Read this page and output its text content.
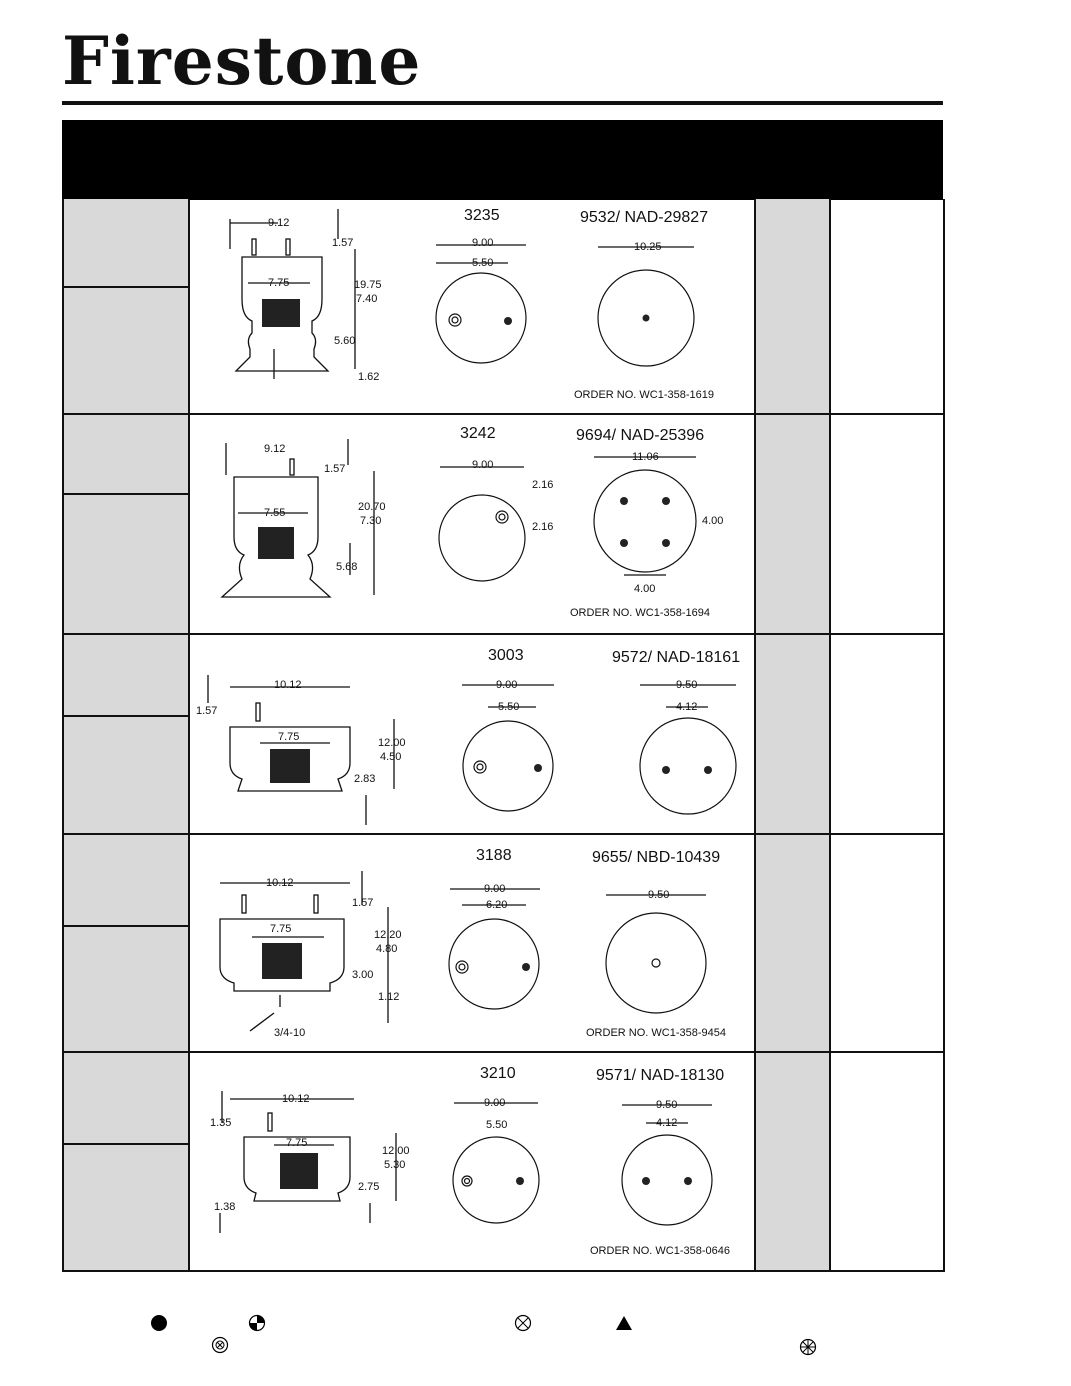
Firestone
9.12
1.57
7.75	19.75
7.40
5.60
1.62
3235	9532/ NAD-29827
9.00
5.50
10.25
ORDER NO. WC1-358-1619
9.12
1.57
7.55	20.70
7.30
5.68
3242	9694/ NAD-25396
9.00
2.16
2.16
11.06
4.00
4.00
ORDER NO. WC1-358-1694
10.12
1.57
7.75	12.00
4.50
2.83
3003	9572/ NAD-18161
9.00
5.50
9.50
4.12
10.12
1.57
7.75	12.20
4.80
3.00
1.12
3/4-10
3188	9655/ NBD-10439
9.00
6.20
9.50
ORDER NO. WC1-358-9454
10.12
1.35
7.75
12.00
5.30
2.75
1.38
3210	9571/ NAD-18130
9.00
5.50
9.50
4.12
ORDER NO. WC1-358-0646
